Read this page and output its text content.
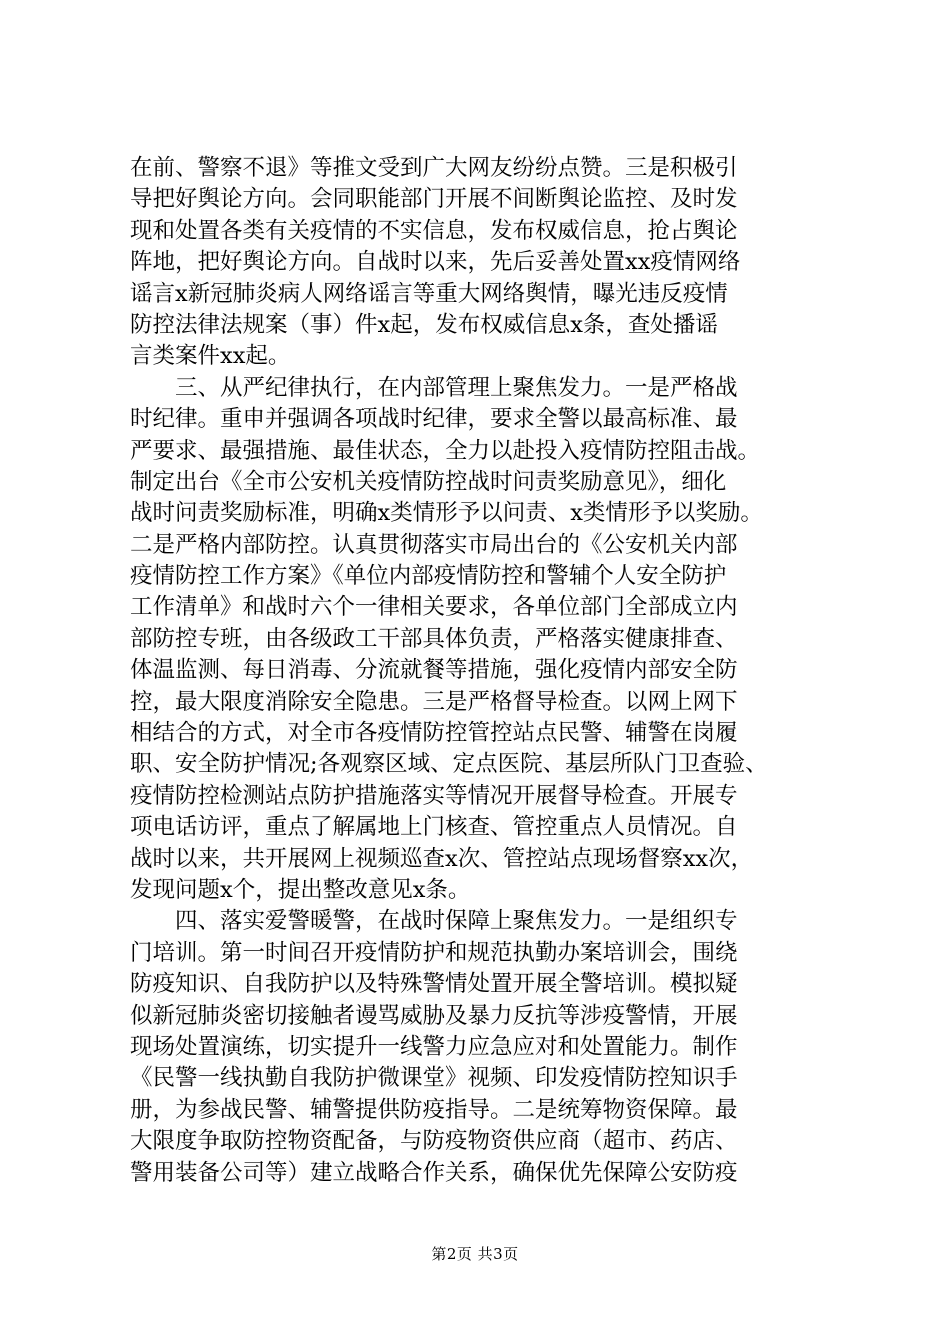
在前、警察不退》等推文受到广大网友纷纷点赞。三是积极引
导把好舆论方向。会同职能部门开展不间断舆论监控、及时发
现和处置各类有关疫情的不实信息，发布权威信息，抢占舆论
阵地，把好舆论方向。自战时以来，先后妥善处置xx疫情网络
谣言x新冠肺炎病人网络谣言等重大网络舆情，曝光违反疫情
防控法律法规案（事）件x起，发布权威信息x条，查处播谣
言类案件xx起。
　　三、从严纪律执行，在内部管理上聚焦发力。一是严格战
时纪律。重申并强调各项战时纪律，要求全警以最高标准、最
严要求、最强措施、最佳状态，全力以赴投入疫情防控阻击战。
制定出台《全市公安机关疫情防控战时问责奖励意见》，细化
战时问责奖励标准，明确x类情形予以问责、x类情形予以奖励。
二是严格内部防控。认真贯彻落实市局出台的《公安机关内部
疫情防控工作方案》《单位内部疫情防控和警辅个人安全防护
工作清单》和战时六个一律相关要求，各单位部门全部成立内
部防控专班，由各级政工干部具体负责，严格落实健康排查、
体温监测、每日消毒、分流就餐等措施，强化疫情内部安全防
控，最大限度消除安全隐患。三是严格督导检查。以网上网下
相结合的方式，对全市各疫情防控管控站点民警、辅警在岗履
职、安全防护情况;各观察区域、定点医院、基层所队门卫查验、
疫情防控检测站点防护措施落实等情况开展督导检查。开展专
项电话访评，重点了解属地上门核查、管控重点人员情况。自
战时以来，共开展网上视频巡查x次、管控站点现场督察xx次，
发现问题x个，提出整改意见x条。
　　四、落实爱警暖警，在战时保障上聚焦发力。一是组织专
门培训。第一时间召开疫情防护和规范执勤办案培训会，围绕
防疫知识、自我防护以及特殊警情处置开展全警培训。模拟疑
似新冠肺炎密切接触者谩骂威胁及暴力反抗等涉疫警情，开展
现场处置演练，切实提升一线警力应急应对和处置能力。制作
《民警一线执勤自我防护微课堂》视频、印发疫情防控知识手
册，为参战民警、辅警提供防疫指导。二是统筹物资保障。最
大限度争取防控物资配备，与防疫物资供应商（超市、药店、
警用装备公司等）建立战略合作关系，确保优先保障公安防疫
第2页 共3页
